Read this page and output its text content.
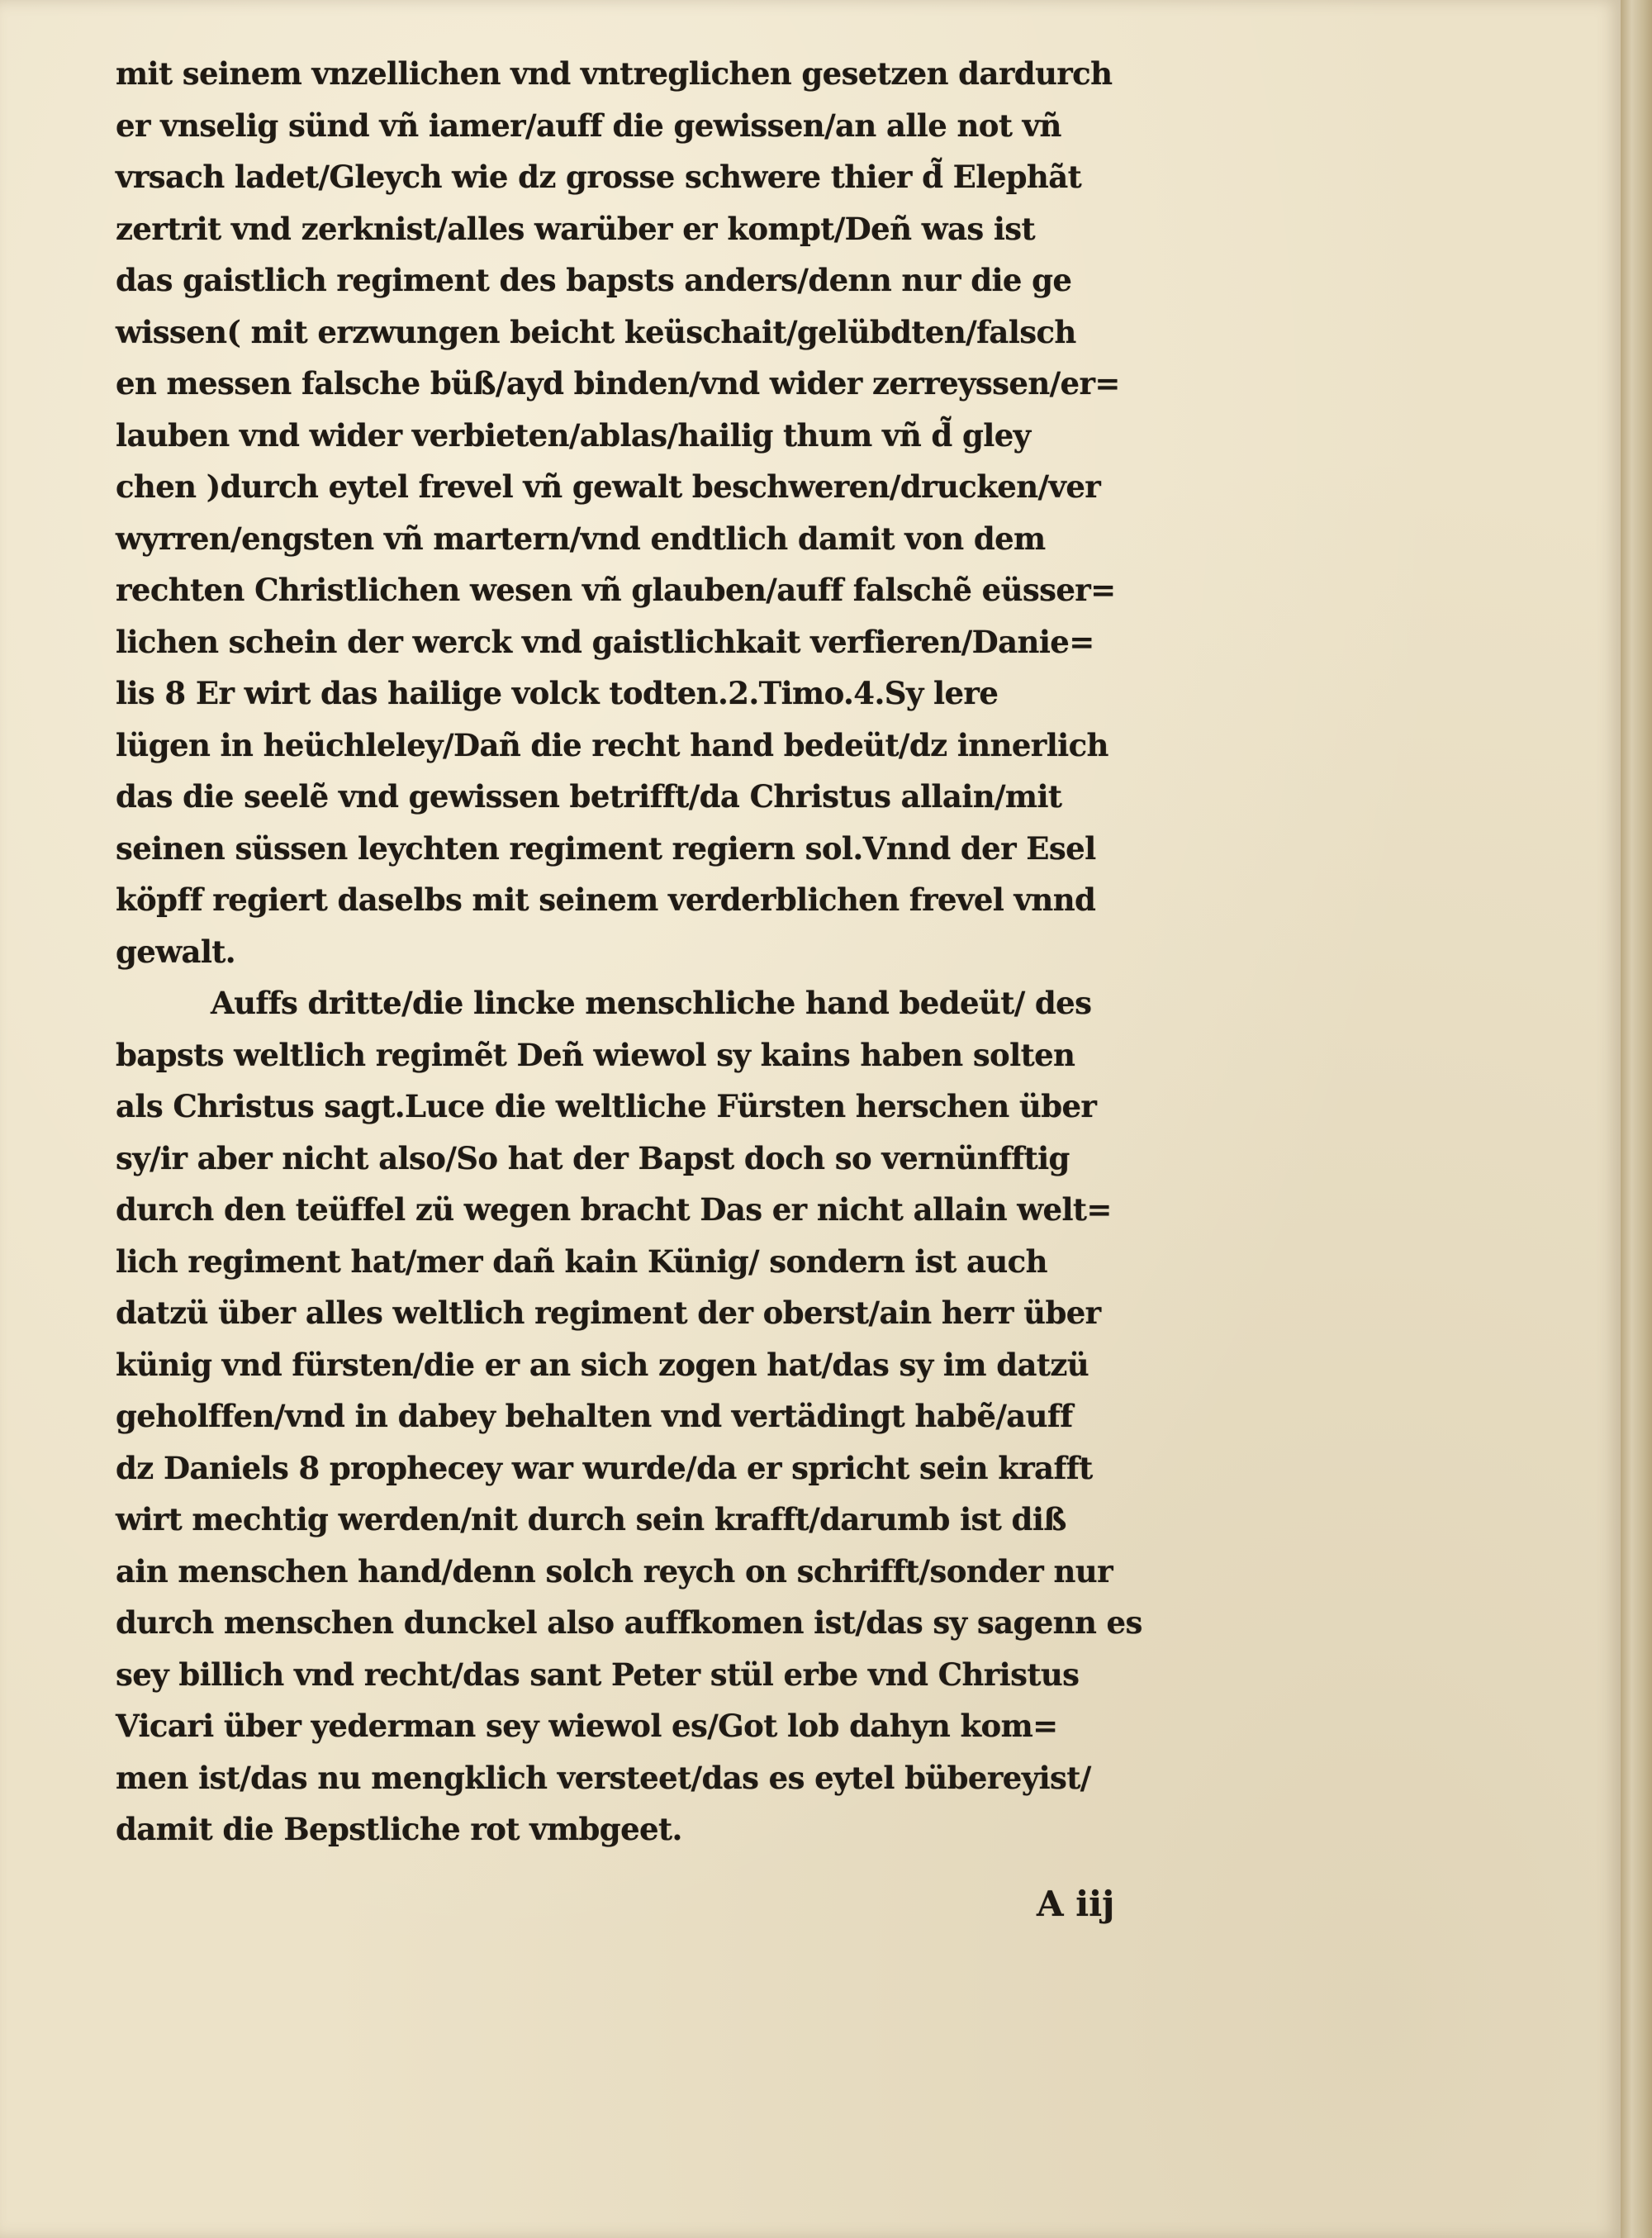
mit seinem vnzellichen vnd vntreglichen gesetzen dardurch
er vnselig sünd vñ iamer/auff die gewissen/an alle not vñ
vrsach ladet/Gleych wie dz grosse schwere thier d̃ Elephãt
zertrit vnd zerknist/alles warüber er kompt/Deñ was ist
das gaistlich regiment des bapsts anders/denn nur die ge
wissen( mit erzwungen beicht keüschait/gelübdten/falsch
en messen falsche büß/ayd binden/vnd wider zerreyssen/er=
lauben vnd wider verbieten/ablas/hailig thum vñ d̃ gley
chen )durch eytel frevel vñ gewalt beschweren/drucken/ver
wyrren/engsten vñ martern/vnd endtlich damit von dem
rechten Christlichen wesen vñ glauben/auff falschẽ eüsser=
lichen schein der werck vnd gaistlichkait verfieren/Danie=
lis 8 Er wirt das hailige volck todten.2.Timo.4.Sy lere
lügen in heüchleley/Dañ die recht hand bedeüt/dz innerlich
das die seelẽ vnd gewissen betrifft/da Christus allain/mit
seinen süssen leychten regiment regiern sol.Vnnd der Esel
köpff regiert daselbs mit seinem verderblichen frevel vnnd
gewalt.
Auffs dritte/die lincke menschliche hand bedeüt/ des
bapsts weltlich regimẽt Deñ wiewol sy kains haben solten
als Christus sagt.Luce die weltliche Fürsten herschen über
sy/ir aber nicht also/So hat der Bapst doch so vernünfftig
durch den teüffel zü wegen bracht Das er nicht allain welt=
lich regiment hat/mer dañ kain Künig/ sondern ist auch
datzü über alles weltlich regiment der oberst/ain herr über
künig vnd fürsten/die er an sich zogen hat/das sy im datzü
geholffen/vnd in dabey behalten vnd vertädingt habẽ/auff
dz Daniels 8 prophecey war wurde/da er spricht sein krafft
wirt mechtig werden/nit durch sein krafft/darumb ist diß
ain menschen hand/denn solch reych on schrifft/sonder nur
durch menschen dunckel also auffkomen ist/das sy sagenn es
sey billich vnd recht/das sant Peter stül erbe vnd Christus
Vicari über yederman sey wiewol es/Got lob dahyn kom=
men ist/das nu mengklich versteet/das es eytel bübereyist/
damit die Bepstliche rot vmbgeet.
A iij
